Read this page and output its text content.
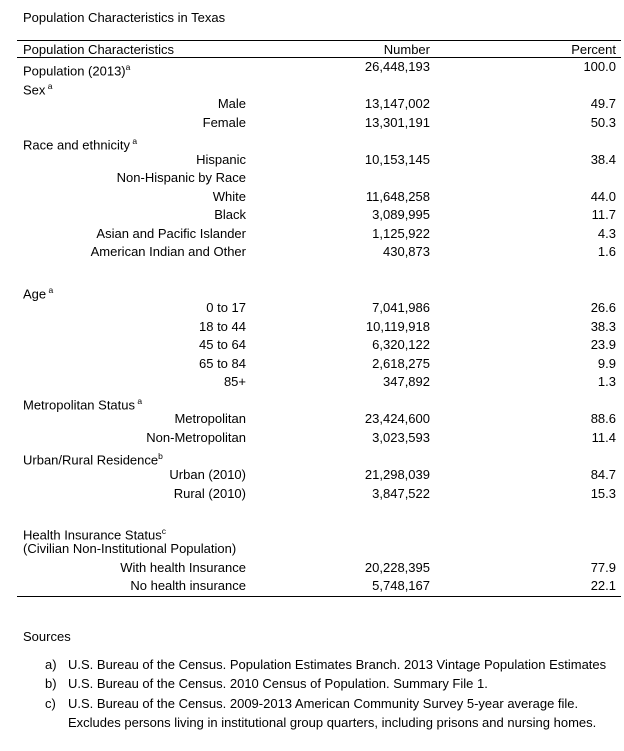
Population Characteristics in Texas
Population Characteristics	Number	Percent
Population $(2013)^a$	26,448,193	100.0
Sex $^a$
Male	13,147,002	49.7
Female	13,301,191	50.3
Race and ethnicity $^a$
Hispanic	10,153,145	38.4
Non-Hispanic by Race
White	11,648,258	44.0
Black	3,089,995	11.7
Asian and Pacific Islander	1,125,922	4.3
American Indian and Other	430,873	1.6
Age $^a$
0 to 17	7,041,986	26.6
18 to 44	10,119,918	38.3
45 to 64	6,320,122	23.9
65 to 84	2,618,275	9.9
85+	347,892	1.3
Metropolitan Status $^a$
Metropolitan	23,424,600	88.6
Non-Metropolitan	3,023,593	11.4
Urban/Rural Residence$^b$
Urban (2010)	21,298,039	84.7
Rural (2010)	3,847,522	15.3
Health Insurance Status$^c$
(Civilian Non-Institutional Population)
With health Insurance	20,228,395	77.9
No health insurance	5,748,167	22.1
Sources
a) U.S. Bureau of the Census. Population Estimates Branch. 2013 Vintage Population Estimates
b) U.S. Bureau of the Census. 2010 Census of Population. Summary File 1.
c) U.S. Bureau of the Census. 2009-2013 American Community Survey 5-year average file. Excludes persons living in institutional group quarters, including prisons and nursing homes.
